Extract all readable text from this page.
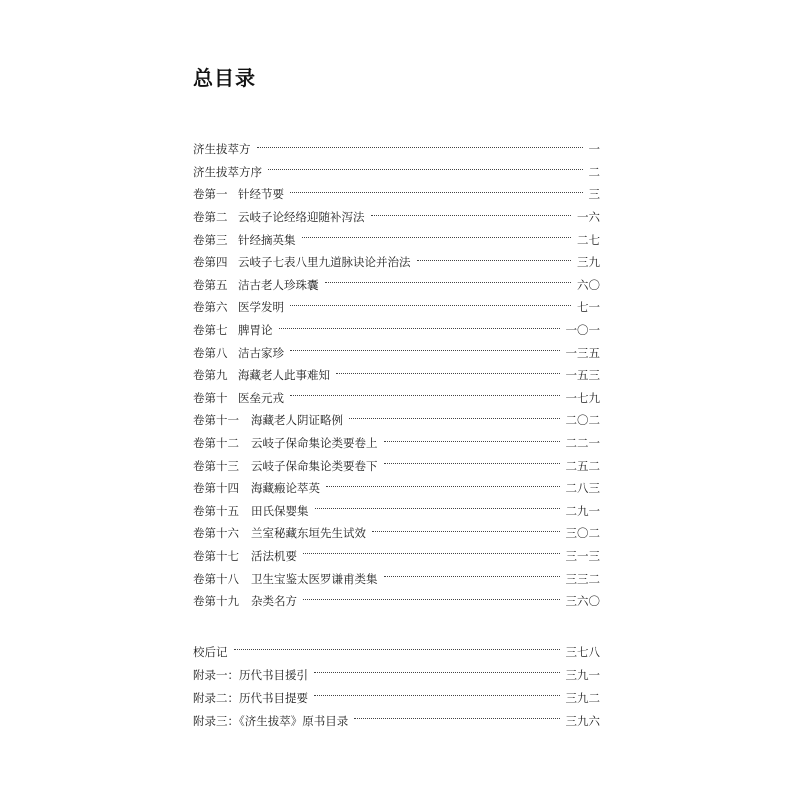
总目录
济生拔萃方	一
济生拔萃方序	二
卷第一 针经节要	三
卷第二 云岐子论经络迎随补泻法	一六
卷第三 针经摘英集	二七
卷第四 云岐子七表八里九道脉诀论并治法	三九
卷第五 洁古老人珍珠囊	六〇
卷第六 医学发明	七一
卷第七 脾胃论	一〇一
卷第八 洁古家珍	一三五
卷第九 海藏老人此事难知	一五三
卷第十 医垒元戎	一七九
卷第十一 海藏老人阴证略例	二〇二
卷第十二 云岐子保命集论类要卷上	二二一
卷第十三 云岐子保命集论类要卷下	二五二
卷第十四 海藏瘢论萃英	二八三
卷第十五 田氏保婴集	二九一
卷第十六 兰室秘藏东垣先生试效	三〇二
卷第十七 活法机要	三一三
卷第十八 卫生宝鉴太医罗谦甫类集	三三二
卷第十九 杂类名方	三六〇
校后记	三七八
附录一：历代书目援引	三九一
附录二：历代书目提要	三九二
附录三：《济生拔萃》原书目录	三九六
